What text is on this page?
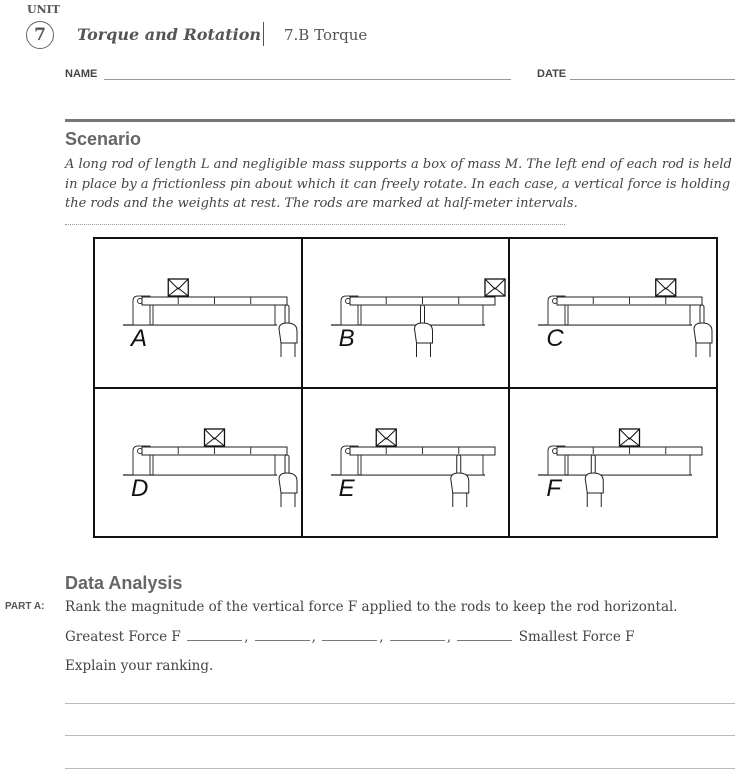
UNIT
7	Torque and Rotation 7.B Torque
NAME	DATE
Scenario
A long rod of length L and negligible mass supports a box of mass M. The left end of each rod is held in place by a frictionless pin about which it can freely rotate. In each case, a vertical force is holding the rods and the weights at rest. The rods are marked at half-meter intervals.
A	B	C
D	E	F
Data Analysis
PART A: Rank the magnitude of the vertical force F applied to the rods to keep the rod horizontal.
Greatest Force F	,	,	,	,	Smallest Force F
Explain your ranking.
